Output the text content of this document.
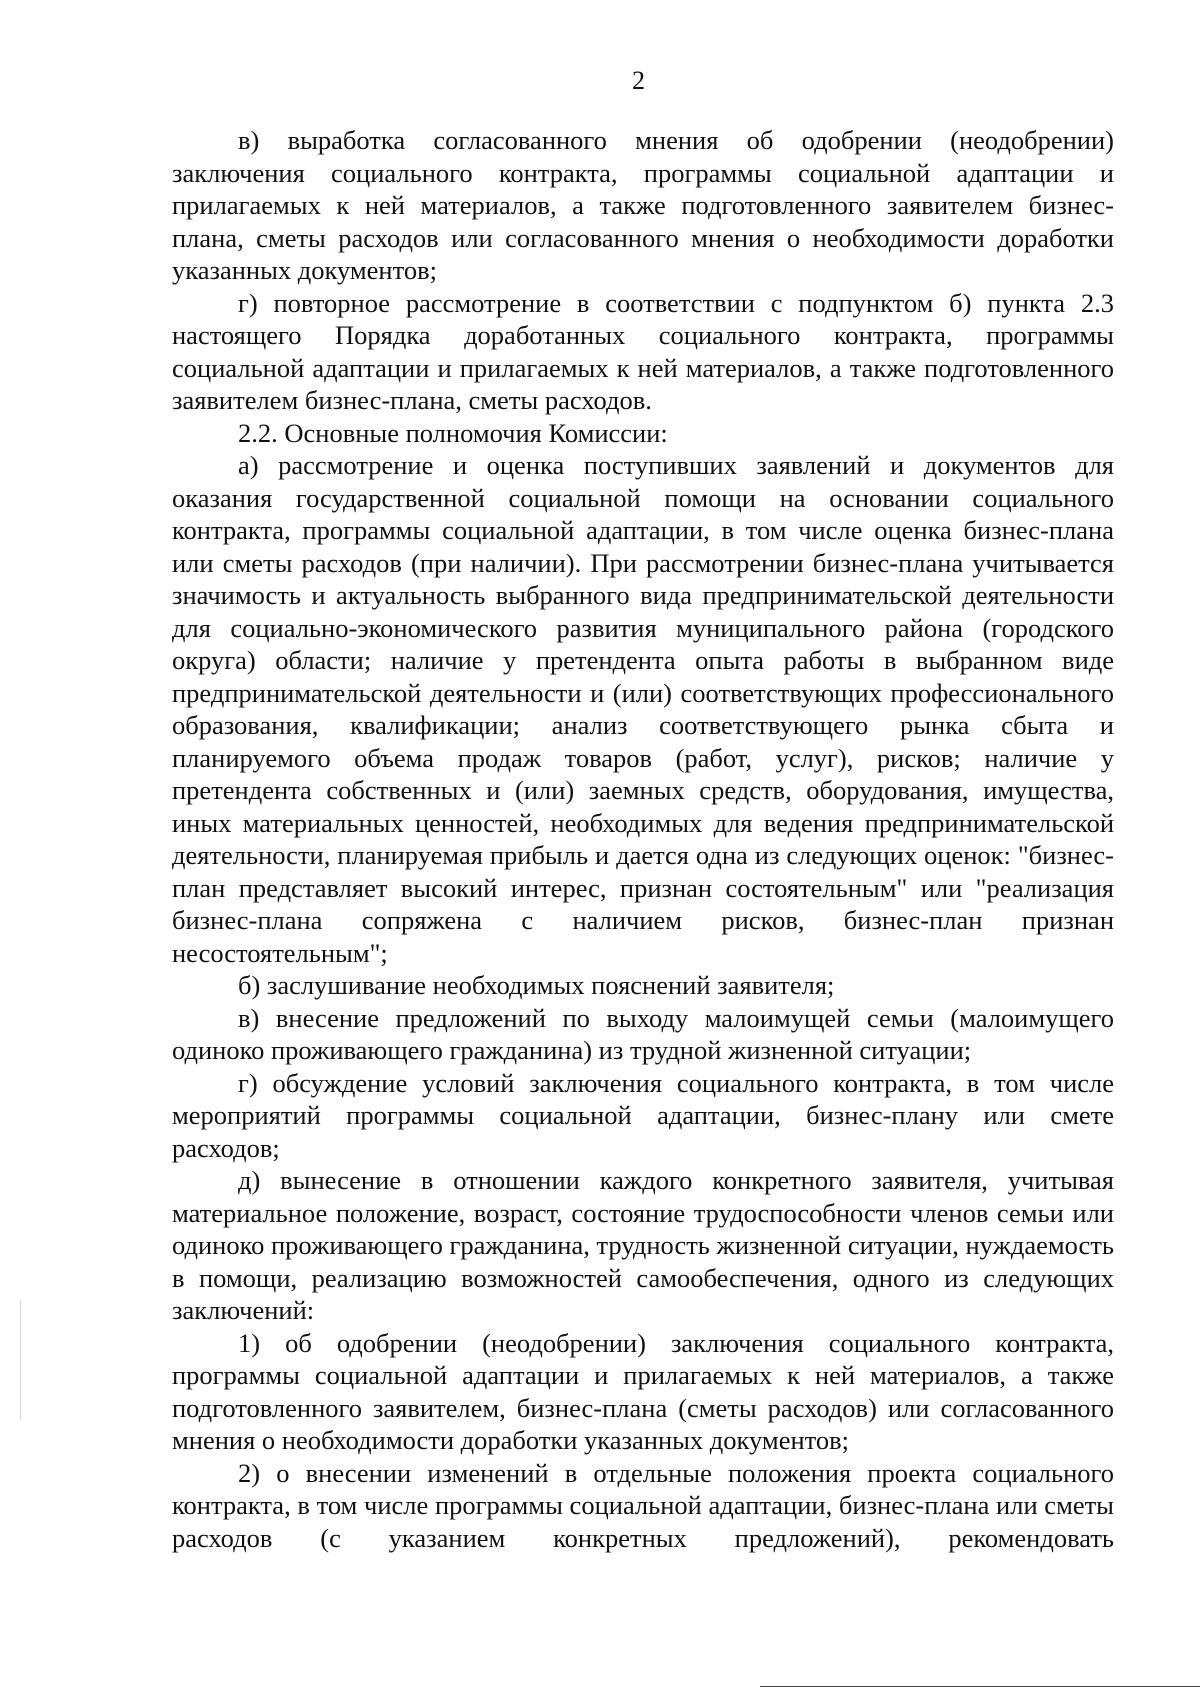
2

в) выработка согласованного мнения об одобрении (неодобрении) заключения социального контракта, программы социальной адаптации и прилагаемых к ней материалов, а также подготовленного заявителем бизнес-плана, сметы расходов или согласованного мнения о необходимости доработки указанных документов;

г) повторное рассмотрение в соответствии с подпунктом б) пункта 2.3 настоящего Порядка доработанных социального контракта, программы социальной адаптации и прилагаемых к ней материалов, а также подготовленного заявителем бизнес-плана, сметы расходов.

2.2. Основные полномочия Комиссии:

а) рассмотрение и оценка поступивших заявлений и документов для оказания государственной социальной помощи на основании социального контракта, программы социальной адаптации, в том числе оценка бизнес-плана или сметы расходов (при наличии). При рассмотрении бизнес-плана учитывается значимость и актуальность выбранного вида предпринимательской деятельности для социально-экономического развития муниципального района (городского округа) области; наличие у претендента опыта работы в выбранном виде предпринимательской деятельности и (или) соответствующих профессионального образования, квалификации; анализ соответствующего рынка сбыта и планируемого объема продаж товаров (работ, услуг), рисков; наличие у претендента собственных и (или) заемных средств, оборудования, имущества, иных материальных ценностей, необходимых для ведения предпринимательской деятельности, планируемая прибыль и дается одна из следующих оценок: "бизнес-план представляет высокий интерес, признан состоятельным" или "реализация бизнес-плана сопряжена с наличием рисков, бизнес-план признан несостоятельным";

б) заслушивание необходимых пояснений заявителя;

в) внесение предложений по выходу малоимущей семьи (малоимущего одиноко проживающего гражданина) из трудной жизненной ситуации;

г) обсуждение условий заключения социального контракта, в том числе мероприятий программы социальной адаптации, бизнес-плану или смете расходов;

д) вынесение в отношении каждого конкретного заявителя, учитывая материальное положение, возраст, состояние трудоспособности членов семьи или одиноко проживающего гражданина, трудность жизненной ситуации, нуждаемость в помощи, реализацию возможностей самообеспечения, одного из следующих заключений:

1) об одобрении (неодобрении) заключения социального контракта, программы социальной адаптации и прилагаемых к ней материалов, а также подготовленного заявителем, бизнес-плана (сметы расходов) или согласованного мнения о необходимости доработки указанных документов;

2) о внесении изменений в отдельные положения проекта социального контракта, в том числе программы социальной адаптации, бизнес-плана или сметы расходов (с указанием конкретных предложений), рекомендовать
